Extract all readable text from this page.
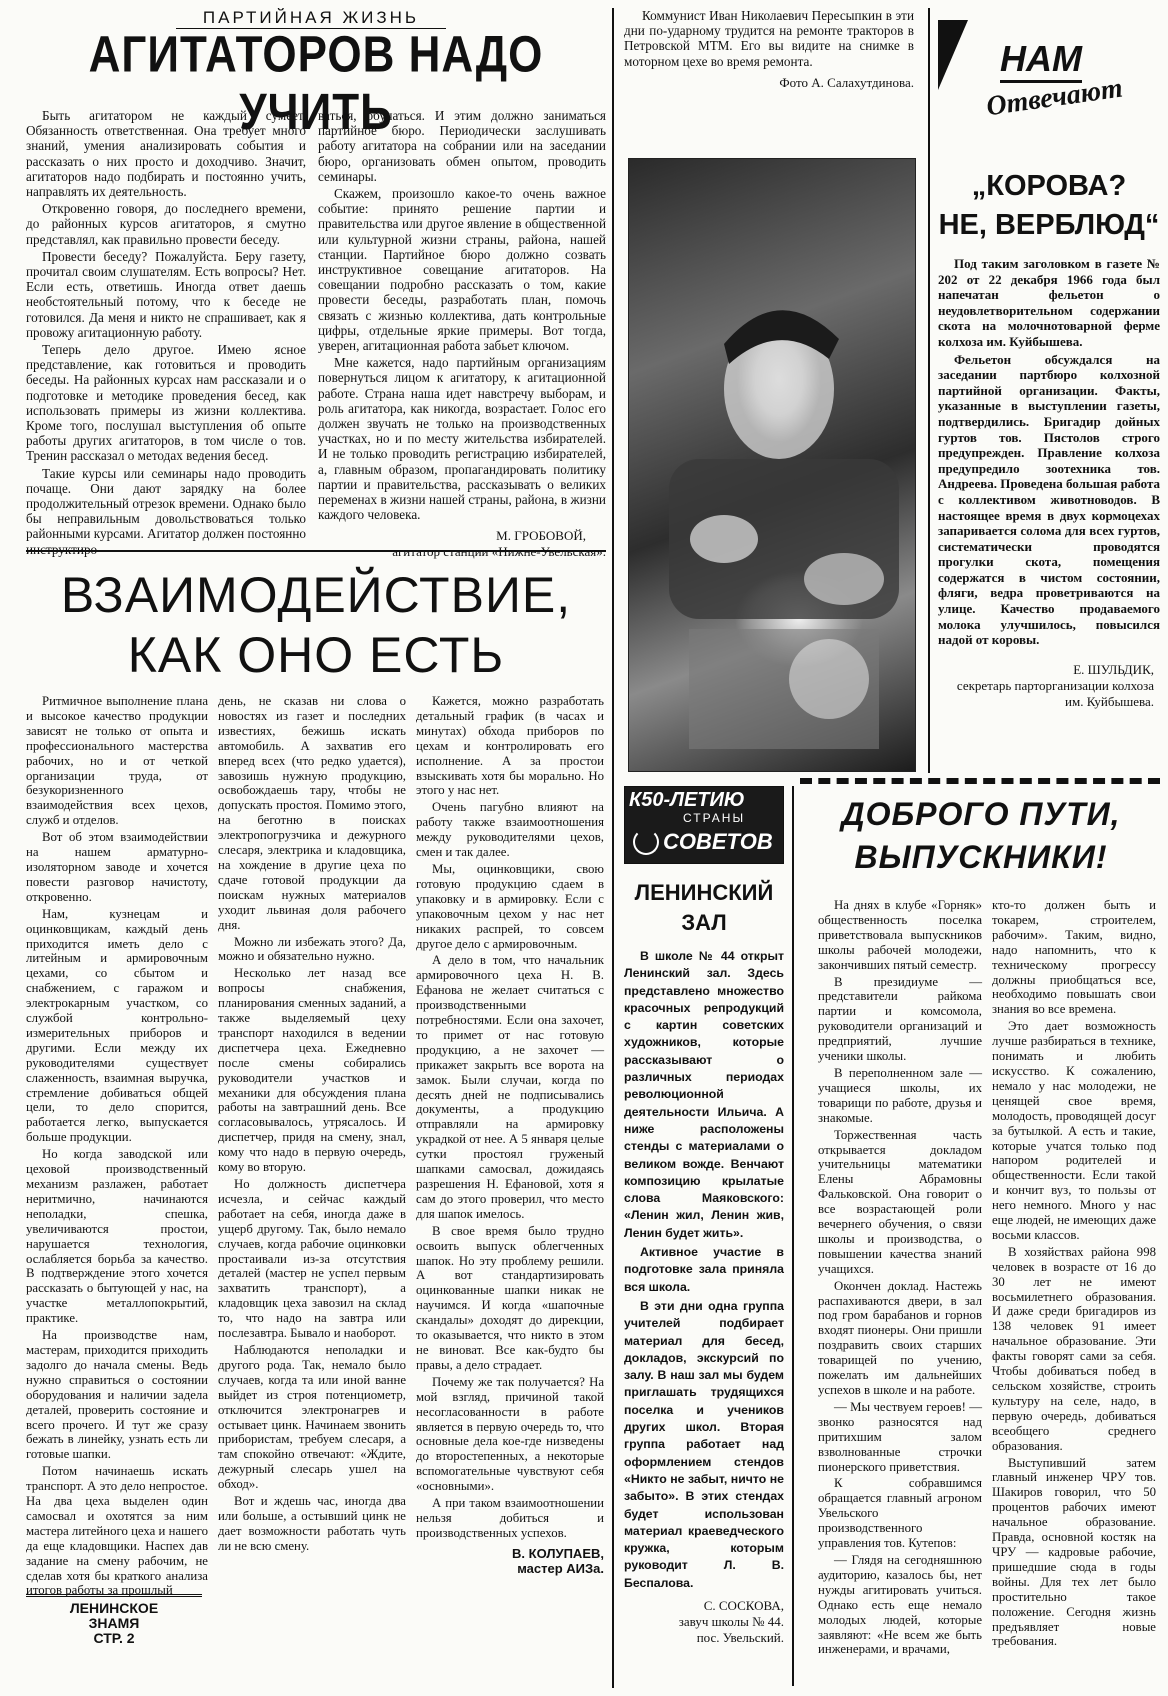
ПАРТИЙНАЯ ЖИЗНЬ
АГИТАТОРОВ НАДО УЧИТЬ

Быть агитатором не каждый сумеет. Обязанность ответственная. Она требует много знаний, умения анализировать события и рассказать о них просто и доходчиво. Значит, агитаторов надо подбирать и постоянно учить, направлять их деятельность.

Откровенно говоря, до последнего времени, до районных курсов агитаторов, я смутно представлял, как правильно провести беседу.

Провести беседу? Пожалуйста. Беру газету, прочитал своим слушателям. Есть вопросы? Нет. Если есть, ответишь. Иногда ответ даешь необстоятельный потому, что к беседе не готовился. Да меня и никто не спрашивает, как я провожу агитационную работу.

Теперь дело другое. Имею ясное представление, как готовиться и проводить беседы. На районных курсах нам рассказали и о подготовке и методике проведения бесед, как использовать примеры из жизни коллектива. Кроме того, послушал выступления об опыте работы других агитаторов, в том числе о тов. Тренин рассказал о методах ведения бесед.

Такие курсы или семинары надо проводить почаще. Они дают зарядку на более продолжительный отрезок времени. Однако было бы неправильным довольствоваться только районными курсами. Агитатор должен постоянно инструктиро-

ваться, обучаться. И этим должно заниматься партийное бюро. Периодически заслушивать работу агитатора на собрании или на заседании бюро, организовать обмен опытом, проводить семинары.

Скажем, произошло какое-то очень важное событие: принято решение партии и правительства или другое явление в общественной или культурной жизни страны, района, нашей станции. Партийное бюро должно созвать инструктивное совещание агитаторов. На совещании подробно рассказать о том, какие провести беседы, разработать план, помочь связать с жизнью коллектива, дать контрольные цифры, отдельные яркие примеры. Вот тогда, уверен, агитационная работа забьет ключом.

Мне кажется, надо партийным организациям повернуться лицом к агитатору, к агитационной работе. Страна наша идет навстречу выборам, и роль агитатора, как никогда, возрастает. Голос его должен звучать не только на производственных участках, но и по месту жительства избирателей. И не только проводить регистрацию избирателей, а, главным образом, пропагандировать политику партии и правительства, рассказывать о великих переменах в жизни нашей страны, района, в жизни каждого человека.

М. ГРОБОВОЙ,
агитатор станции «Нижне-Увельская».
Коммунист Иван Николаевич Пересыпкин в эти дни по-ударному трудится на ремонте тракторов в Петровской МТМ. Его вы видите на снимке в моторном цехе во время ремонта.
Фото А. Салахутдинова.
НАМ
Отвечают
„КОРОВА?
НЕ, ВЕРБЛЮД“

Под таким заголовком в газете № 202 от 22 декабря 1966 года был напечатан фельетон о неудовлетворительном содержании скота на молочнотоварной ферме колхоза им. Куйбышева.

Фельетон обсуждался на заседании партбюро колхозной партийной организации. Факты, указанные в выступлении газеты, подтвердились. Бригадир дойных гуртов тов. Пястолов строго предупрежден. Правление колхоза предупредило зоотехника тов. Андреева. Проведена большая работа с коллективом животноводов. В настоящее время в двух кормоцехах запаривается солома для всех гуртов, систематически проводятся прогулки скота, помещения содержатся в чистом состоянии, фляги, ведра проветриваются на улице. Качество продаваемого молока улучшилось, повысился надой от коровы.

Е. ШУЛЬДИК,
секретарь парторганизации колхоза им. Куйбышева.
ВЗАИМОДЕЙСТВИЕ,
КАК ОНО ЕСТЬ

Ритмичное выполнение плана и высокое качество продукции зависят не только от опыта и профессионального мастерства рабочих, но и от четкой организации труда, от безукоризненного взаимодействия всех цехов, служб и отделов.

Вот об этом взаимодействии на нашем арматурно-изоляторном заводе и хочется повести разговор начистоту, откровенно.

Нам, кузнецам и оцинковщикам, каждый день приходится иметь дело с литейным и армировочным цехами, со сбытом и снабжением, с гаражом и электрокарным участком, со службой контрольно-измерительных приборов и другими. Если между их руководителями существует слаженность, взаимная выручка, стремление добиваться общей цели, то дело спорится, работается легко, выпускается больше продукции.

Но когда заводской или цеховой производственный механизм разлажен, работает неритмично, начинаются неполадки, спешка, увеличиваются простои, нарушается технология, ослабляется борьба за качество. В подтверждение этого хочется рассказать о бытующей у нас, на участке металлопокрытий, практике.

На производстве нам, мастерам, приходится приходить задолго до начала смены. Ведь нужно справиться о состоянии оборудования и наличии задела деталей, проверить состояние и всего прочего. И тут же сразу бежать в линейку, узнать есть ли готовые шапки.

Потом начинаешь искать транспорт. А это дело непростое. На два цеха выделен один самосвал и охотятся за ним мастера литейного цеха и нашего да еще кладовщики. Наспех дав задание на смену рабочим, не сделав хотя бы краткого анализа итогов работы за прошлый

день, не сказав ни слова о новостях из газет и последних известиях, бежишь искать автомобиль. А захватив его вперед всех (что редко удается), завозишь нужную продукцию, освобождаешь тару, чтобы не допускать простоя. Помимо этого, на беготню в поисках электропогрузчика и дежурного слесаря, электрика и кладовщика, на хождение в другие цеха по сдаче готовой продукции да поискам нужных материалов уходит львиная доля рабочего дня.

Можно ли избежать этого? Да, можно и обязательно нужно.

Несколько лет назад все вопросы снабжения, планирования сменных заданий, а также выделяемый цеху транспорт находился в ведении диспетчера цеха. Ежедневно после смены собирались руководители участков и механики для обсуждения плана работы на завтрашний день. Все согласовывалось, утрясалось. И диспетчер, придя на смену, знал, кому что надо в первую очередь, кому во вторую.

Но должность диспетчера исчезла, и сейчас каждый работает на себя, иногда даже в ущерб другому. Так, было немало случаев, когда рабочие оцинковки простаивали из-за отсутствия деталей (мастер не успел первым захватить транспорт), а кладовщик цеха завозил на склад то, что надо на завтра или послезавтра. Бывало и наоборот.

Наблюдаются неполадки и другого рода. Так, немало было случаев, когда та или иной ванне выйдет из строя потенциометр, отключится электронагрев и остывает цинк. Начинаем звонить прибористам, требуем слесаря, а там спокойно отвечают: «Ждите, дежурный слесарь ушел на обход».

Вот и ждешь час, иногда два или больше, а остывший цинк не дает возможности работать чуть ли не всю смену.

Кажется, можно разработать детальный график (в часах и минутах) обхода приборов по цехам и контролировать его исполнение. А за простои взыскивать хотя бы морально. Но этого у нас нет.

Очень пагубно влияют на работу также взаимоотношения между руководителями цехов, смен и так далее.

Мы, оцинковщики, свою готовую продукцию сдаем в упаковку и в армировку. Если с упаковочным цехом у нас нет никаких распрей, то совсем другое дело с армировочным.

А дело в том, что начальник армировочного цеха Н. В. Ефанова не желает считаться с производственными потребностями. Если она захочет, то примет от нас готовую продукцию, а не захочет — прикажет закрыть все ворота на замок. Были случаи, когда по десять дней не подписывались документы, а продукцию отправляли на армировку украдкой от нее. А 5 января целые сутки простоял груженый шапками самосвал, дожидаясь разрешения Н. Ефановой, хотя я сам до этого проверил, что место для шапок имелось.

В свое время было трудно освоить выпуск облегченных шапок. Но эту проблему решили. А вот стандартизировать оцинкованные шапки никак не научимся. И когда «шапочные скандалы» доходят до дирекции, то оказывается, что никто в этом не виноват. Все как-будто бы правы, а дело страдает.

Почему же так получается? На мой взгляд, причиной такой несогласованности в работе является в первую очередь то, что основные дела кое-где низведены до второстепенных, а некоторые вспомогательные чувствуют себя «основными».

А при таком взаимоотношении нельзя добиться и производственных успехов.

В. КОЛУПАЕВ,
мастер АИЗа.
ЛЕНИНСКОЕ
ЗНАМЯ
СТР. 2
К50-ЛЕТИЮ
СТРАНЫ
СОВЕТОВ
ЛЕНИНСКИЙ
ЗАЛ

В школе № 44 открыт Ленинский зал. Здесь представлено множество красочных репродукций с картин советских художников, которые рассказывают о различных периодах революционной деятельности Ильича. А ниже расположены стенды с материалами о великом вожде. Венчают композицию крылатые слова Маяковского: «Ленин жил, Ленин жив, Ленин будет жить».

Активное участие в подготовке зала приняла вся школа.

В эти дни одна группа учителей подбирает материал для бесед, докладов, экскурсий по залу. В наш зал мы будем приглашать трудящихся поселка и учеников других школ. Вторая группа работает над оформлением стендов «Никто не забыт, ничто не забыто». В этих стендах будет использован материал краеведческого кружка, которым руководит Л. В. Беспалова.

С. СОСКОВА,
завуч школы № 44.
пос. Увельский.
ДОБРОГО ПУТИ,
ВЫПУСКНИКИ!

На днях в клубе «Горняк» общественность поселка приветствовала выпускников школы рабочей молодежи, закончивших пятый семестр.

В президиуме — представители райкома партии и комсомола, руководители организаций и предприятий, лучшие ученики школы.

В переполненном зале — учащиеся школы, их товарищи по работе, друзья и знакомые.

Торжественная часть открывается докладом учительницы математики Елены Абрамовны Фальковской. Она говорит о все возрастающей роли вечернего обучения, о связи школы и производства, о повышении качества знаний учащихся.

Окончен доклад. Настежь распахиваются двери, в зал под гром барабанов и горнов входят пионеры. Они пришли поздравить своих старших товарищей по учению, пожелать им дальнейших успехов в школе и на работе.

— Мы чествуем героев! — звонко разносятся над притихшим залом взволнованные строчки пионерского приветствия.

К собравшимся обращается главный агроном Увельского производственного управления тов. Кутепов:

— Глядя на сегодняшнюю аудиторию, казалось бы, нет нужды агитировать учиться. Однако есть еще немало молодых людей, которые заявляют: «Не всем же быть инженерами, и врачами,

кто-то должен быть и токарем, строителем, рабочим». Таким, видно, надо напомнить, что к техническому прогрессу должны приобщаться все, необходимо повышать свои знания во все времена.

Это дает возможность лучше разбираться в технике, понимать и любить искусство. К сожалению, немало у нас молодежи, не ценящей свое время, молодость, проводящей досуг за бутылкой. А есть и такие, которые учатся только под напором родителей и общественности. Если такой и кончит вуз, то пользы от него немного. Много у нас еще людей, не имеющих даже восьми классов.

В хозяйствах района 998 человек в возрасте от 16 до 30 лет не имеют восьмилетнего образования. И даже среди бригадиров из 138 человек 91 имеет начальное образование. Эти факты говорят сами за себя. Чтобы добиваться побед в сельском хозяйстве, строить культуру на селе, надо, в первую очередь, добиваться всеобщего среднего образования.

Выступивший затем главный инженер ЧРУ тов. Шакиров говорил, что 50 процентов рабочих имеют начальное образование. Правда, основной костяк на ЧРУ — кадровые рабочие, пришедшие сюда в годы войны. Для тех лет было простительно такое положение. Сегодня жизнь предъявляет новые требования.
